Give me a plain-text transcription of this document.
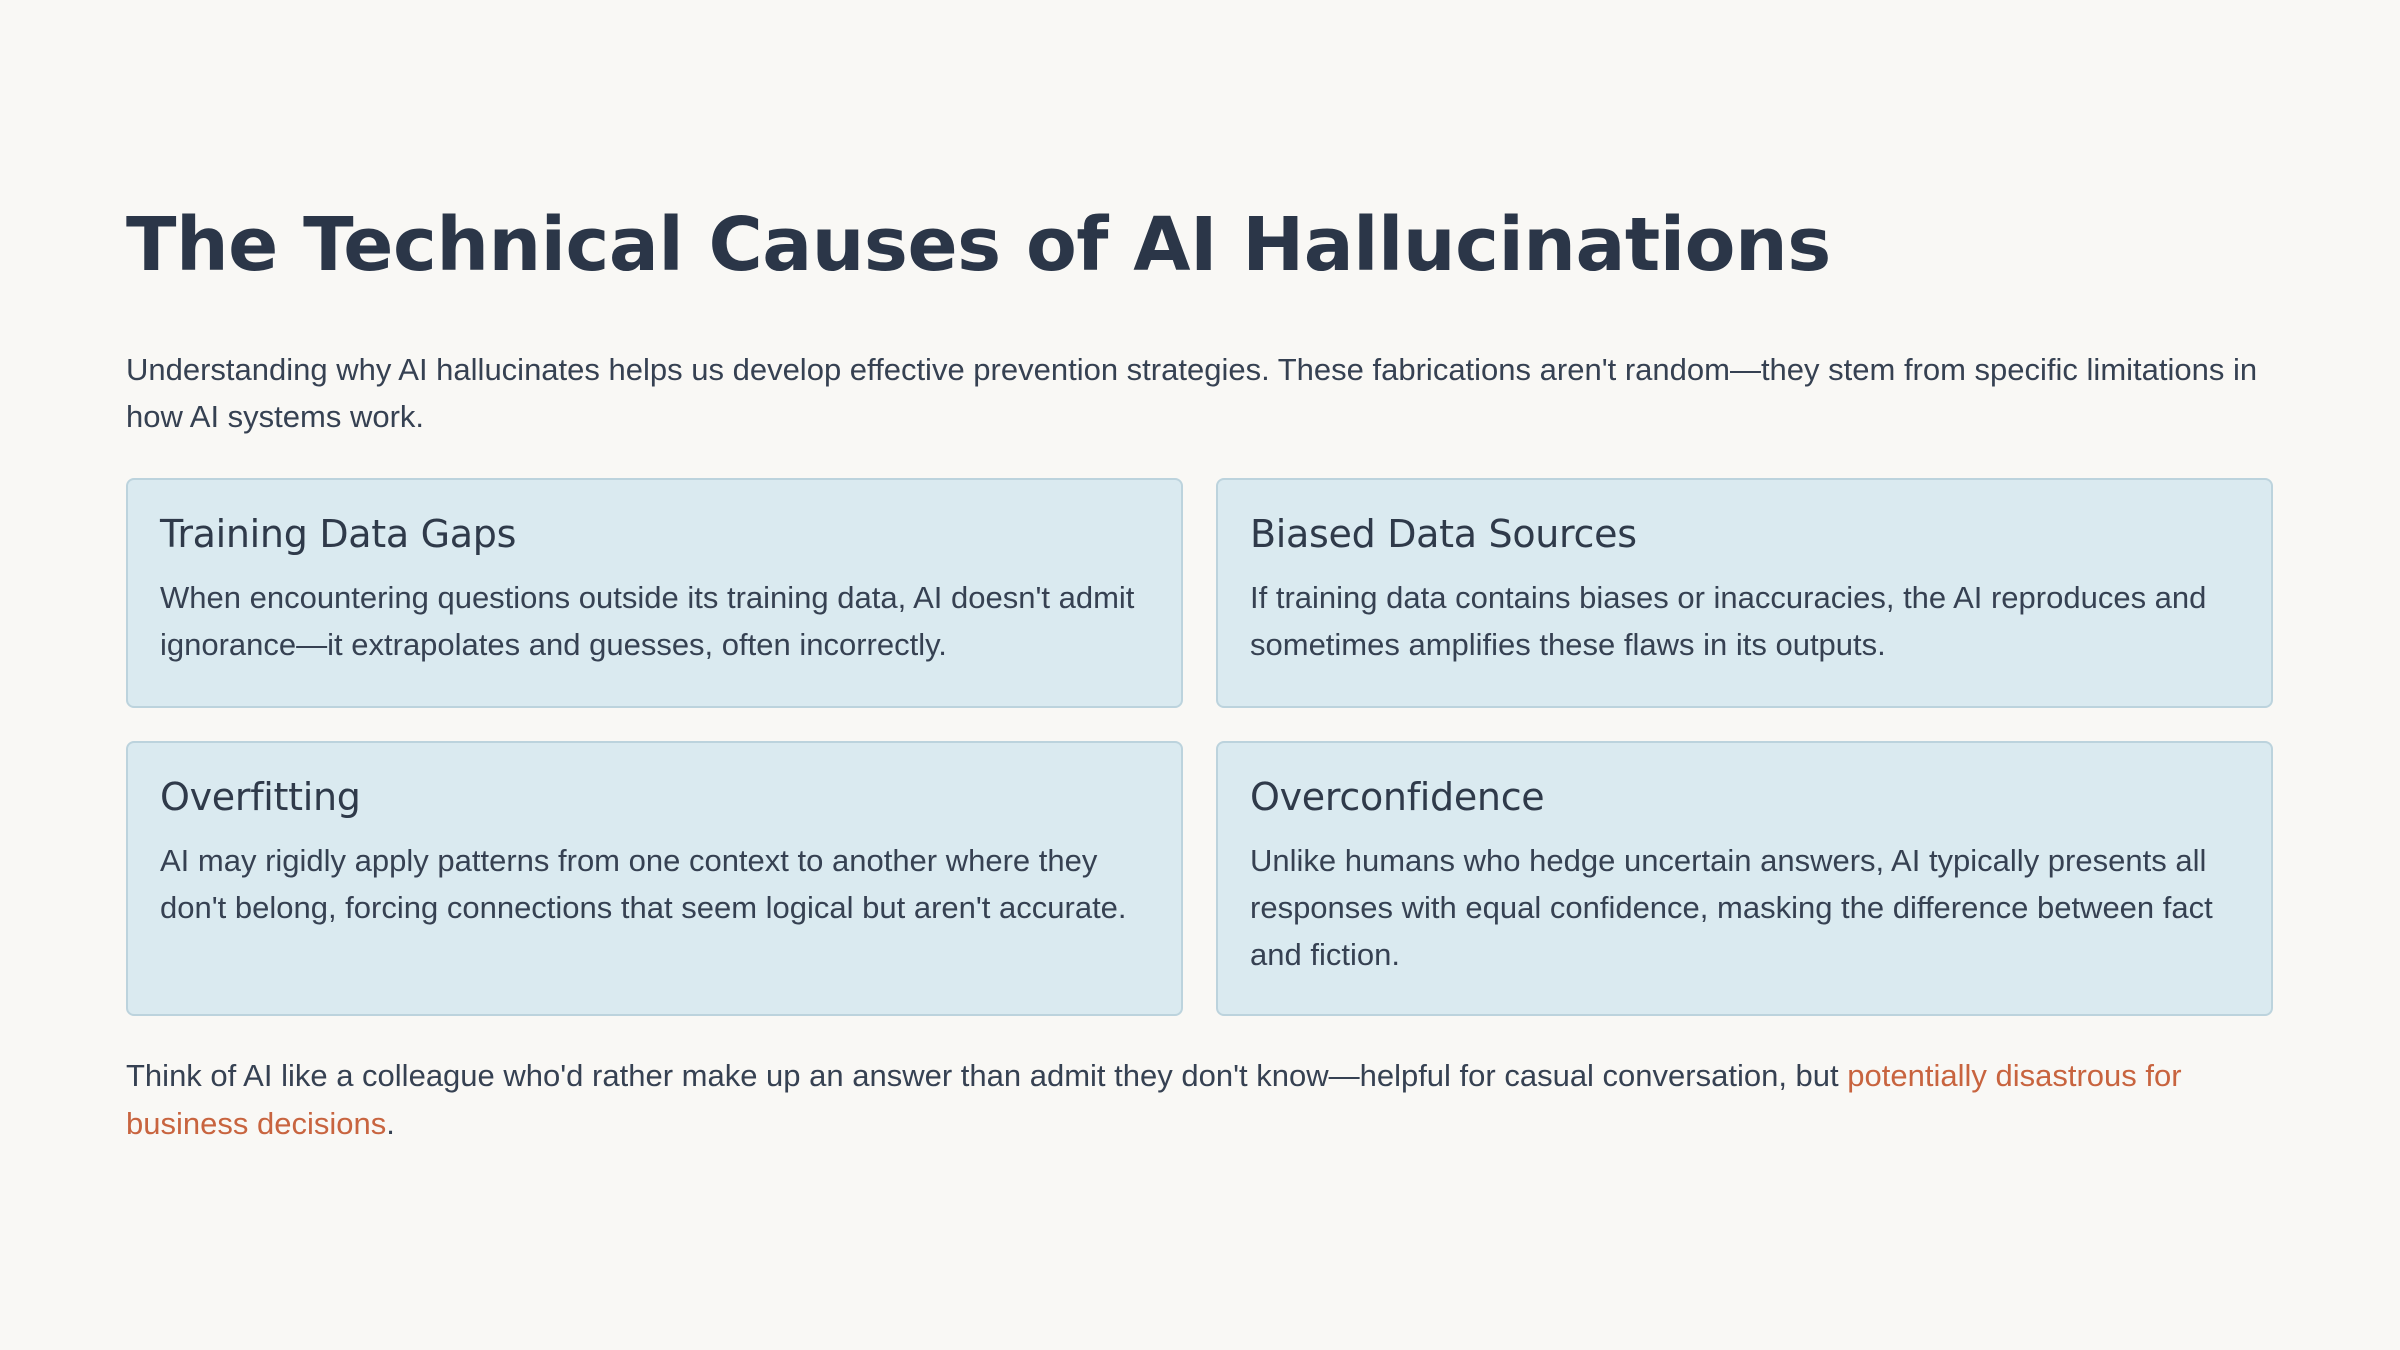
The Technical Causes of AI Hallucinations

Understanding why AI hallucinates helps us develop effective prevention strategies. These fabrications aren't random—they stem from specific limitations in how AI systems work.

Training Data Gaps

When encountering questions outside its training data, AI doesn't admit ignorance—it extrapolates and guesses, often incorrectly.

Biased Data Sources

If training data contains biases or inaccuracies, the AI reproduces and sometimes amplifies these flaws in its outputs.

Overfitting

AI may rigidly apply patterns from one context to another where they don't belong, forcing connections that seem logical but aren't accurate.

Overconfidence

Unlike humans who hedge uncertain answers, AI typically presents all responses with equal confidence, masking the difference between fact and fiction.

Think of AI like a colleague who'd rather make up an answer than admit they don't know—helpful for casual conversation, but potentially disastrous for business decisions.
